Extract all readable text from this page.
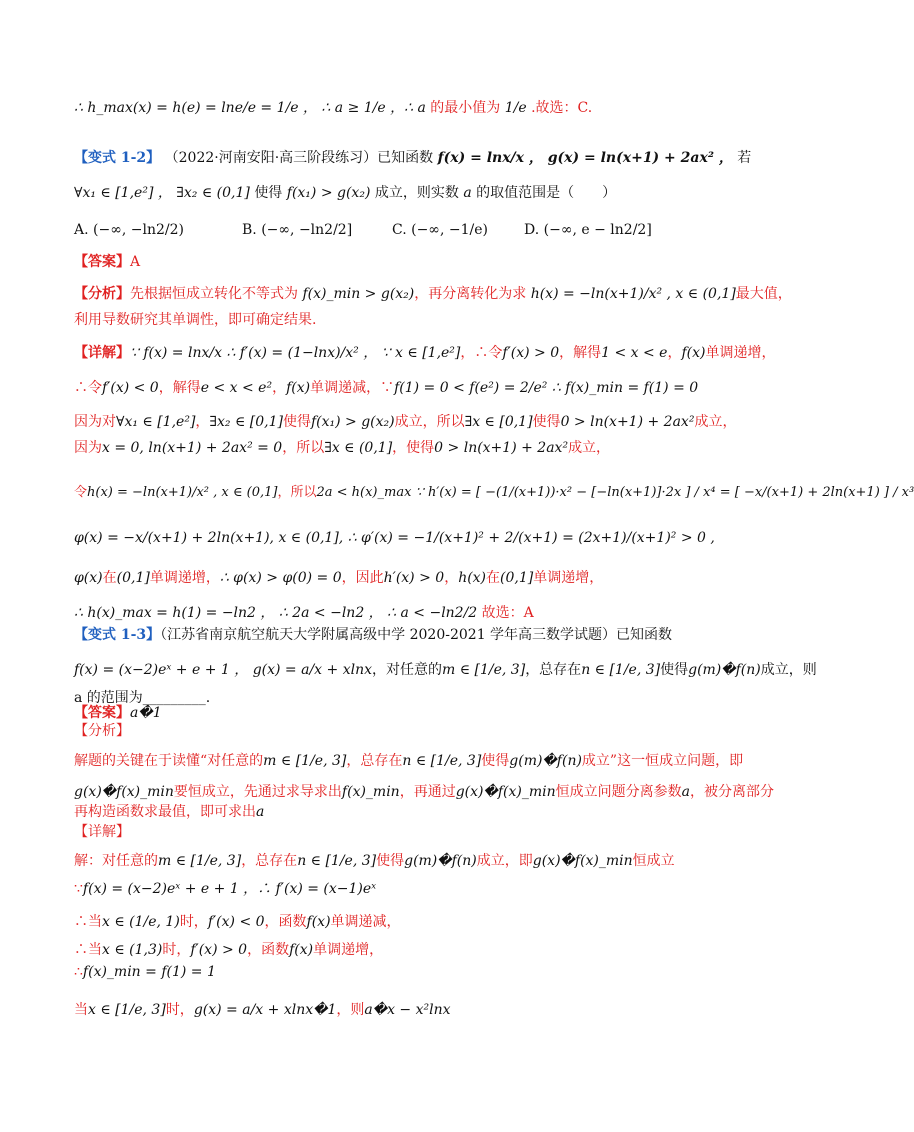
∴ h_max(x) = h(e) = lne/e = 1/e ， ∴ a ≥ 1/e ，∴ a 的最小值为 1/e .故选：C.
【变式 1-2】 （2022·河南安阳·高三阶段练习）已知函数 f(x) = lnx/x ， g(x) = ln(x+1) + 2ax² ， 若
∀x₁ ∈ [1,e²] ， ∃x₂ ∈ (0,1] 使得 f(x₁) > g(x₂) 成立，则实数 a 的取值范围是（　　）
A. (−∞, −ln2/2)	B. (−∞, −ln2/2]	C. (−∞, −1/e)	D. (−∞, e − ln2/2]
【答案】A
【分析】先根据恒成立转化不等式为 f(x)_min > g(x₂)，再分离转化为求 h(x) = −ln(x+1)/x² , x ∈ (0,1]最大值，
利用导数研究其单调性，即可确定结果.
【详解】∵ f(x) = lnx/x ∴ f′(x) = (1−lnx)/x² ， ∵ x ∈ [1,e²]，∴令f′(x) > 0，解得1 < x < e，f(x)单调递增，
∴令f′(x) < 0，解得e < x < e²，f(x)单调递减，∵f(1) = 0 < f(e²) = 2/e² ∴ f(x)_min = f(1) = 0
因为对∀x₁ ∈ [1,e²]，∃x₂ ∈ [0,1]使得f(x₁) > g(x₂)成立，所以∃x ∈ [0,1]使得0 > ln(x+1) + 2ax²成立，
因为x = 0, ln(x+1) + 2ax² = 0，所以∃x ∈ (0,1]，使得0 > ln(x+1) + 2ax²成立，
令h(x) = −ln(x+1)/x² , x ∈ (0,1]，所以2a < h(x)_max ∵ h′(x) = [ −(1/(x+1))·x² − [−ln(x+1)]·2x ] / x⁴ = [ −x/(x+1) + 2ln(x+1) ] / x³
φ(x) = −x/(x+1) + 2ln(x+1), x ∈ (0,1], ∴ φ′(x) = −1/(x+1)² + 2/(x+1) = (2x+1)/(x+1)² > 0 ,
φ(x)在(0,1]单调递增，∴ φ(x) > φ(0) = 0，因此h′(x) > 0，h(x)在(0,1]单调递增，
∴ h(x)_max = h(1) = −ln2 ， ∴ 2a < −ln2 ， ∴ a < −ln2/2 故选：A
【变式 1-3】（江苏省南京航空航天大学附属高级中学 2020-2021 学年高三数学试题）已知函数
f(x) = (x−2)eˣ + e + 1 ， g(x) = a/x + xlnx，对任意的m ∈ [1/e, 3]，总存在n ∈ [1/e, 3]使得g(m)�f(n)成立，则
a 的范围为_________.
【答案】a�1
【分析】
解题的关键在于读懂“对任意的m ∈ [1/e, 3]，总存在n ∈ [1/e, 3]使得g(m)�f(n)成立”这一恒成立问题，即
g(x)�f(x)_min要恒成立，先通过求导求出f(x)_min，再通过g(x)�f(x)_min恒成立问题分离参数a，被分离部分
再构造函数求最值，即可求出a
【详解】
解：对任意的m ∈ [1/e, 3]，总存在n ∈ [1/e, 3]使得g(m)�f(n)成立，即g(x)�f(x)_min恒成立
∵f(x) = (x−2)eˣ + e + 1 ，∴ f′(x) = (x−1)eˣ
∴当x ∈ (1/e, 1)时，f′(x) < 0，函数f(x)单调递减，
∴当x ∈ (1,3)时，f′(x) > 0，函数f(x)单调递增，
∴f(x)_min = f(1) = 1
当x ∈ [1/e, 3]时，g(x) = a/x + xlnx�1，则a�x − x²lnx
